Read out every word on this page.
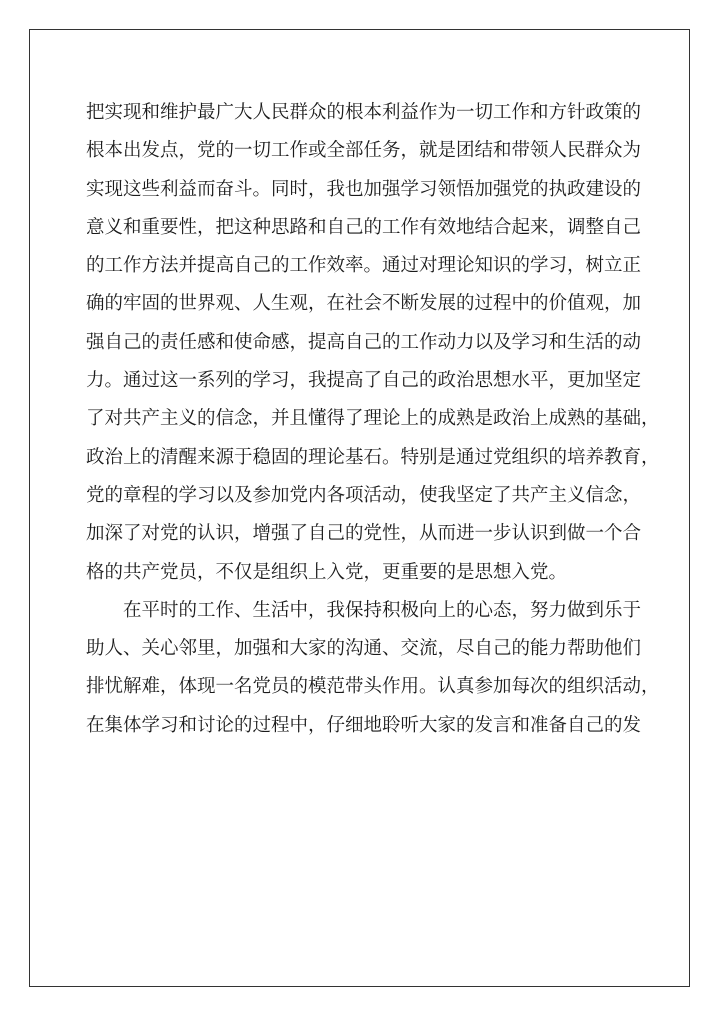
把实现和维护最广大人民群众的根本利益作为一切工作和方针政策的
根本出发点，党的一切工作或全部任务，就是团结和带领人民群众为
实现这些利益而奋斗。同时，我也加强学习领悟加强党的执政建设的
意义和重要性，把这种思路和自己的工作有效地结合起来，调整自己
的工作方法并提高自己的工作效率。通过对理论知识的学习，树立正
确的牢固的世界观、人生观，在社会不断发展的过程中的价值观，加
强自己的责任感和使命感，提高自己的工作动力以及学习和生活的动
力。通过这一系列的学习，我提高了自己的政治思想水平，更加坚定
了对共产主义的信念，并且懂得了理论上的成熟是政治上成熟的基础，
政治上的清醒来源于稳固的理论基石。特别是通过党组织的培养教育，
党的章程的学习以及参加党内各项活动，使我坚定了共产主义信念，
加深了对党的认识，增强了自己的党性，从而进一步认识到做一个合
格的共产党员，不仅是组织上入党，更重要的是思想入党。
在平时的工作、生活中，我保持积极向上的心态，努力做到乐于
助人、关心邻里，加强和大家的沟通、交流，尽自己的能力帮助他们
排忧解难，体现一名党员的模范带头作用。认真参加每次的组织活动，
在集体学习和讨论的过程中，仔细地聆听大家的发言和准备自己的发
